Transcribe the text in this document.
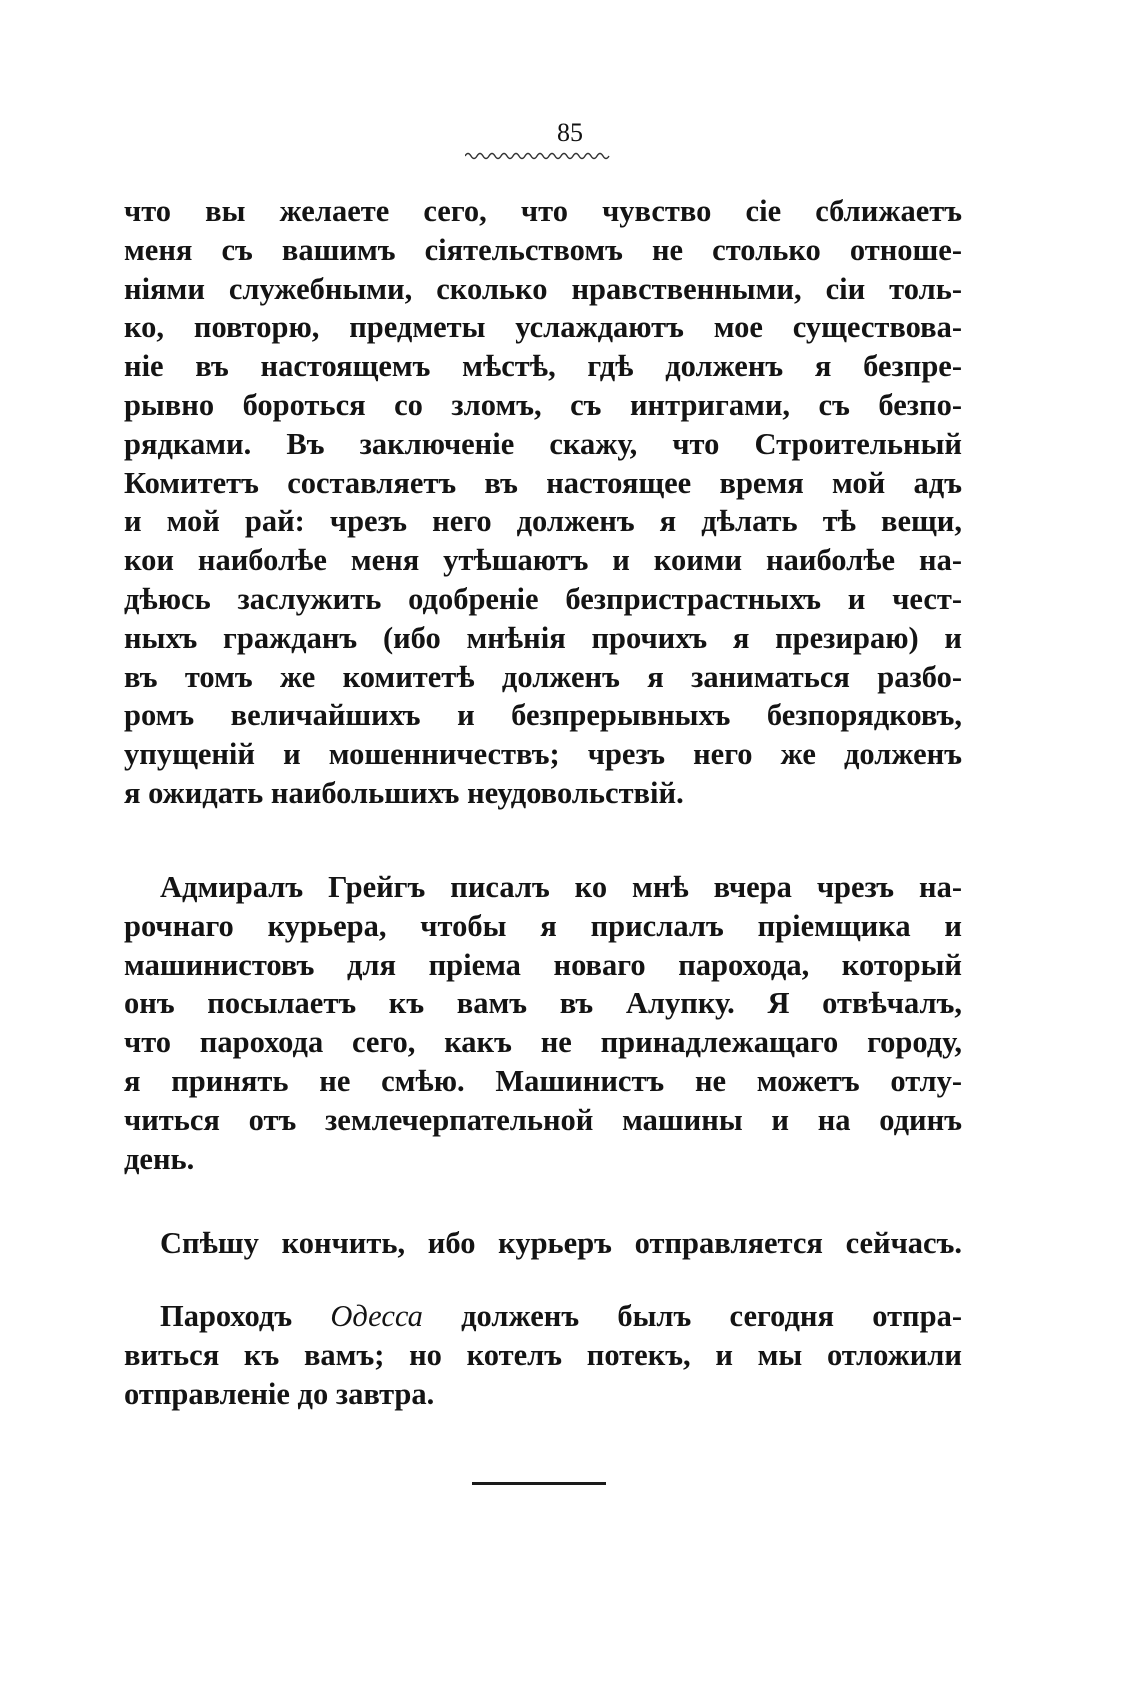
85
что вы желаете сего, что чувство сіе сближаетъ
меня съ вашимъ сіятельствомъ не столько отноше-
ніями служебными, сколько нравственными, сіи толь-
ко, повторю, предметы услаждаютъ мое существова-
ніе въ настоящемъ мѣстѣ, гдѣ долженъ я безпре-
рывно бороться со зломъ, съ интригами, съ безпо-
рядками. Въ заключеніе скажу, что Строительный
Комитетъ составляетъ въ настоящее время мой адъ
и мой рай: чрезъ него долженъ я дѣлать тѣ вещи,
кои наиболѣе меня утѣшаютъ и коими наиболѣе на-
дѣюсь заслужить одобреніе безпристрастныхъ и чест-
ныхъ гражданъ (ибо мнѣнія прочихъ я презираю) и
въ томъ же комитетѣ долженъ я заниматься разбо-
ромъ величайшихъ и безпрерывныхъ безпорядковъ,
упущеній и мошенничествъ; чрезъ него же долженъ
я ожидать наибольшихъ неудовольствій.
Адмиралъ Грейгъ писалъ ко мнѣ вчера чрезъ на-
рочнаго курьера, чтобы я прислалъ пріемщика и
машинистовъ для пріема новаго парохода, который
онъ посылаетъ къ вамъ въ Алупку. Я отвѣчалъ,
что парохода сего, какъ не принадлежащаго городу,
я принять не смѣю. Машинистъ не можетъ отлу-
читься отъ землечерпательной машины и на одинъ
день.
Спѣшу кончить, ибо курьеръ отправляется сейчасъ.
Пароходъ Одесса долженъ былъ сегодня отпра-
виться къ вамъ; но котелъ потекъ, и мы отложили
отправленіе до завтра.
